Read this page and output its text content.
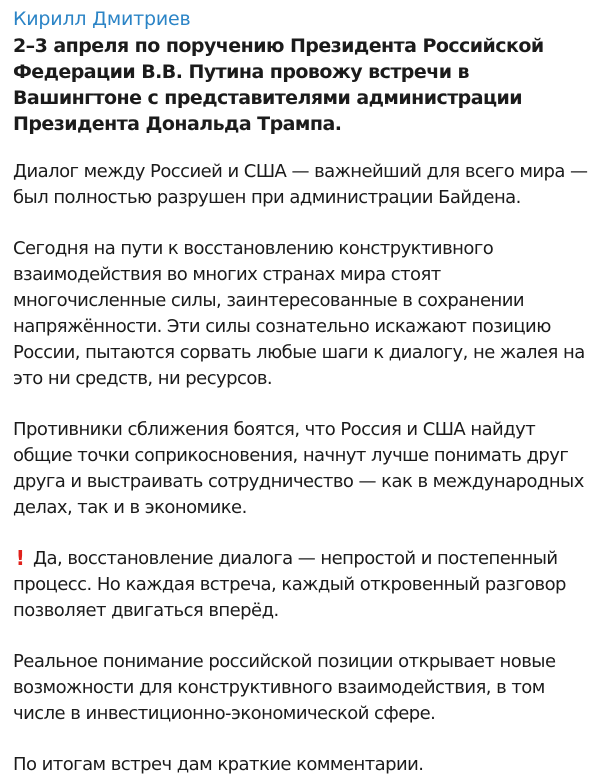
Кирилл Дмитриев
2–3 апреля по поручению Президента Российской Федерации В.В. Путина провожу встречи в Вашингтоне с представителями администрации Президента Дональда Трампа.
Диалог между Россией и США — важнейший для всего мира — был полностью разрушен при администрации Байдена.
Сегодня на пути к восстановлению конструктивного взаимодействия во многих странах мира стоят многочисленные силы, заинтересованные в сохранении напряжённости. Эти силы сознательно искажают позицию России, пытаются сорвать любые шаги к диалогу, не жалея на это ни средств, ни ресурсов.
Противники сближения боятся, что Россия и США найдут общие точки соприкосновения, начнут лучше понимать друг друга и выстраивать сотрудничество — как в международных делах, так и в экономике.
! Да, восстановление диалога — непростой и постепенный процесс. Но каждая встреча, каждый откровенный разговор позволяет двигаться вперёд.
Реальное понимание российской позиции открывает новые возможности для конструктивного взаимодействия, в том числе в инвестиционно-экономической сфере.
По итогам встреч дам краткие комментарии.
